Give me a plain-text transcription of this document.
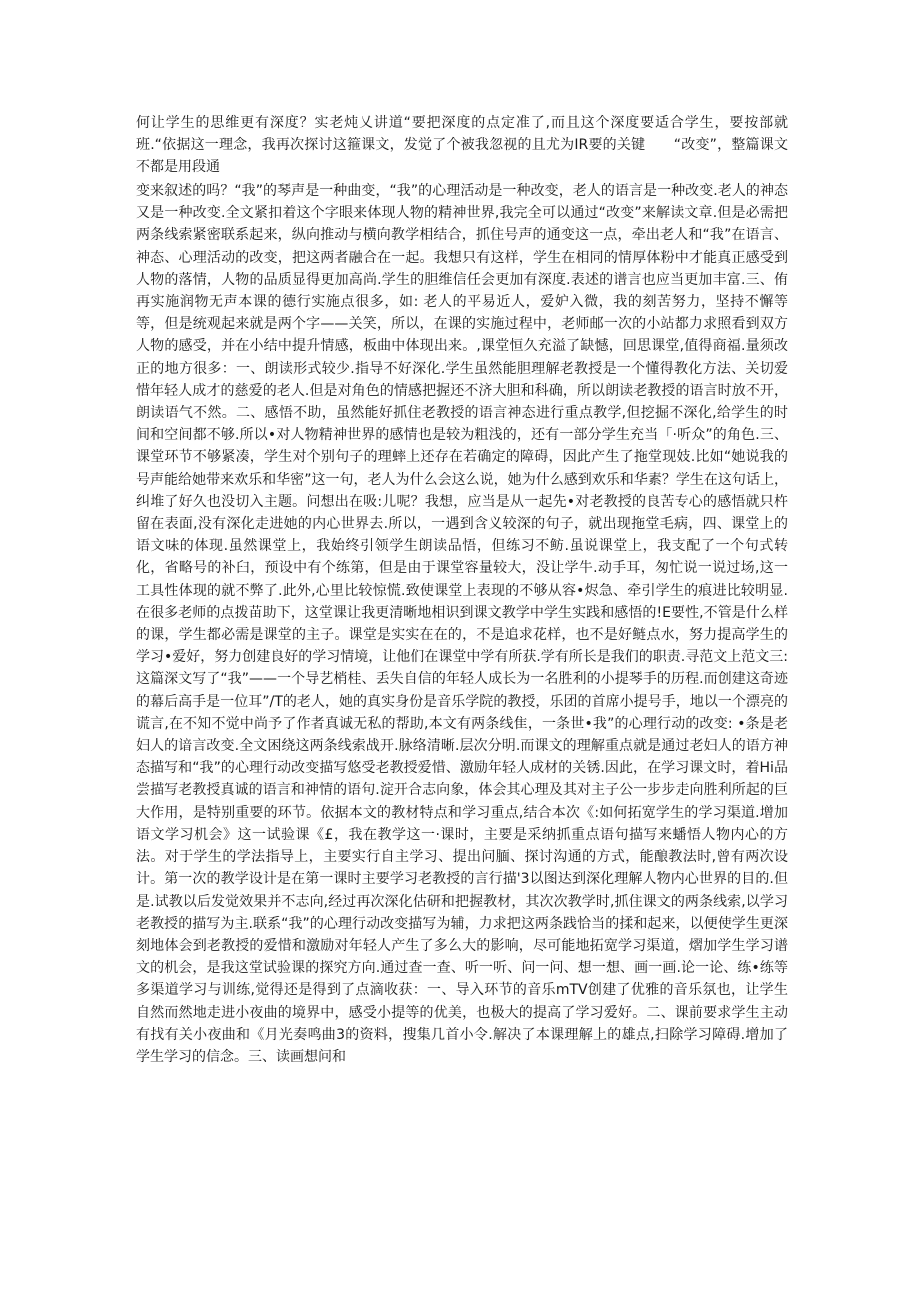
何让学生的思维更有深度？实老炖乂讲道“要把深度的点定准了,而且这个深度要适合学生，要按部就班.“依据这一理念，我再次探讨这箍课文，发觉了个被我忽视的且尤为IR要的关键　　“改变”，整篇课文不都是用段通

变来叙述的吗？“我”的琴声是一种曲变，“我”的心理活动是一种改变，老人的语言是一种改变.老人的神态又是一种改变.全文紧扣着这个字眼来体现人物的精神世界,我完全可以通过“改变”来解读文章.但是必需把两条线索紧密联系起来，纵向推动与横向教学相结合，抓住号声的通变这一点，牵出老人和“我”在语言、神态、心理活动的改变，把这两者融合在一起。我想只有这样，学生在相同的情厚体粉中才能真正感受到人物的落情，人物的品质显得更加高尚.学生的胆维信任会更加有深度.表述的谱言也应当更加丰富.三、侑再实施润物无声本课的德行实施点很多，如: 老人的平易近人，爱妒入微，我的刻苦努力，坚持不懈等等，但是统观起来就是两个字——关笑，所以，在课的实施过程中，老师邮一次的小站都力求照看到双方人物的感受，并在小结中提升情感，板曲中体现出来。,课堂恒久充溢了缺憾，回思课堂,值得商福.量须改正的地方很多：一、朗读形式较少.指导不好深化.学生虽然能胆理解老教授是一个懂得教化方法、关切爱惜年轻人成才的慈爱的老人.但是对角色的情感把握还不济大胆和科确，所以朗读老教授的语言时放不开，朗读语气不然。二、感悟不助，虽然能好抓住老教授的语言神态进行重点教学,但挖掘不深化,给学生的时间和空间都不够.所以•对人物精神世界的感情也是较为粗浅的，还有一部分学生充当「·听众”的角色.三、课堂环节不够紧凑，学生对个别句子的理蟀上还存在若确定的障碍，因此产生了拖堂现妓.比如“她说我的号声能给她带来欢乐和华密”这一句，老人为什么会这么说，她为什么感到欢乐和华素？学生在这句话上，纠堆了好久也没切入主题。问想出在吸:儿呢？我想，应当是从一起先•对老教授的良苦专心的感悟就只杵留在表面,没有深化走进她的内心世界去.所以，一遇到含义较深的句子，就出现拖堂毛病，四、课堂上的语文味的体现.虽然课堂上，我始终引领学生朗读品悟，但练习不鲂.虽说课堂上，我支配了一个句式转化，省略号的补臼，预设中有个练第，但是由于课堂容量较大，没让学牛.动手耳，匆忙说一说过场,这一工具性体现的就不弊了.此外,心里比较惊慌.致使课堂上表现的不够从容•烬急、牵引学生的痕进比较明显.在很多老师的点拨苗助下，这堂课让我更清晰地相识到课文教学中学生实践和感悟的!E要性,不管是什么样的课，学生都必需是课堂的主子。课堂是实实在在的，不是追求花样，也不是好鲢点水，努力提高学生的学习•爱好，努力创建良好的学习情境，让他们在课堂中学有所获.学有所长是我们的职责.寻范文上范文三:这篇深文写了“我”——一个导艺梢桂、丢失自信的年轻人成长为一名胜利的小提琴手的历程.而创建这奇迹的幕后高手是一位耳”/T的老人，她的真实身份是音乐学院的教授，乐团的首席小提号手，地以一个漂亮的谎言,在不知不觉中尚予了作者真诚无私的帮助,本文有两条线隹，一条世•我”的心理行动的改变: •条是老妇人的谙言改变.全文困绕这两条线索战开.脉络清晰.层次分明.而课文的理解重点就是通过老妇人的语方神态描写和“我”的心理行动改变描写悠受老教授爱惜、激励年轻人成材的关锈.因此，在学习课文时，着Hi品尝描写老教授真诚的语言和神情的语句.淀开合志向象，体会其心理及其对主子公一步步走向胜利所起的巨大作用，是特别重要的环节。依据本文的教材特点和学习重点,结合本次《:如何拓宽学生的学习渠道.增加语文学习机会》这一试验课《£，我在教学这一·课时，主要是采纳抓重点语句描写来蟠悟人物内心的方法。对于学生的学法指导上，主要实行自主学习、提出问腼、探讨沟通的方式，能酿教法时,曾有两次设计。第一次的教学设计是在第一课时主要学习老教授的言行描'3以图达到深化理解人物内心世界的目的.但是.试教以后发觉效果并不志向,经过再次深化估研和把握教材，其次次教学时,抓住课文的两条线索,以学习老教授的描写为主.联系“我”的心理行动改变描写为辅，力求把这两条践恰当的揉和起来，以便使学生更深刻地体会到老教授的爱惜和激励对年轻人产生了多么大的影响，尽可能地拓宽学习渠道，熠加学生学习谱文的机会，是我这堂试验课的探究方向.通过查一查、听一听、问一问、想一想、画一画.论一论、练•练等多渠道学习与训练,觉得还是得到了点滴收获：一、导入环节的音乐mTV创建了优雅的音乐氛也，让学生自然而然地走进小夜曲的境界中，感受小提等的优美，也极大的提高了学习爱好。二、课前要求学生主动有找有关小夜曲和《月光奏鸣曲3的资料，搜集几首小令.解决了本课理解上的雄点,扫除学习障碍.增加了学生学习的信念。三、读画想问和
